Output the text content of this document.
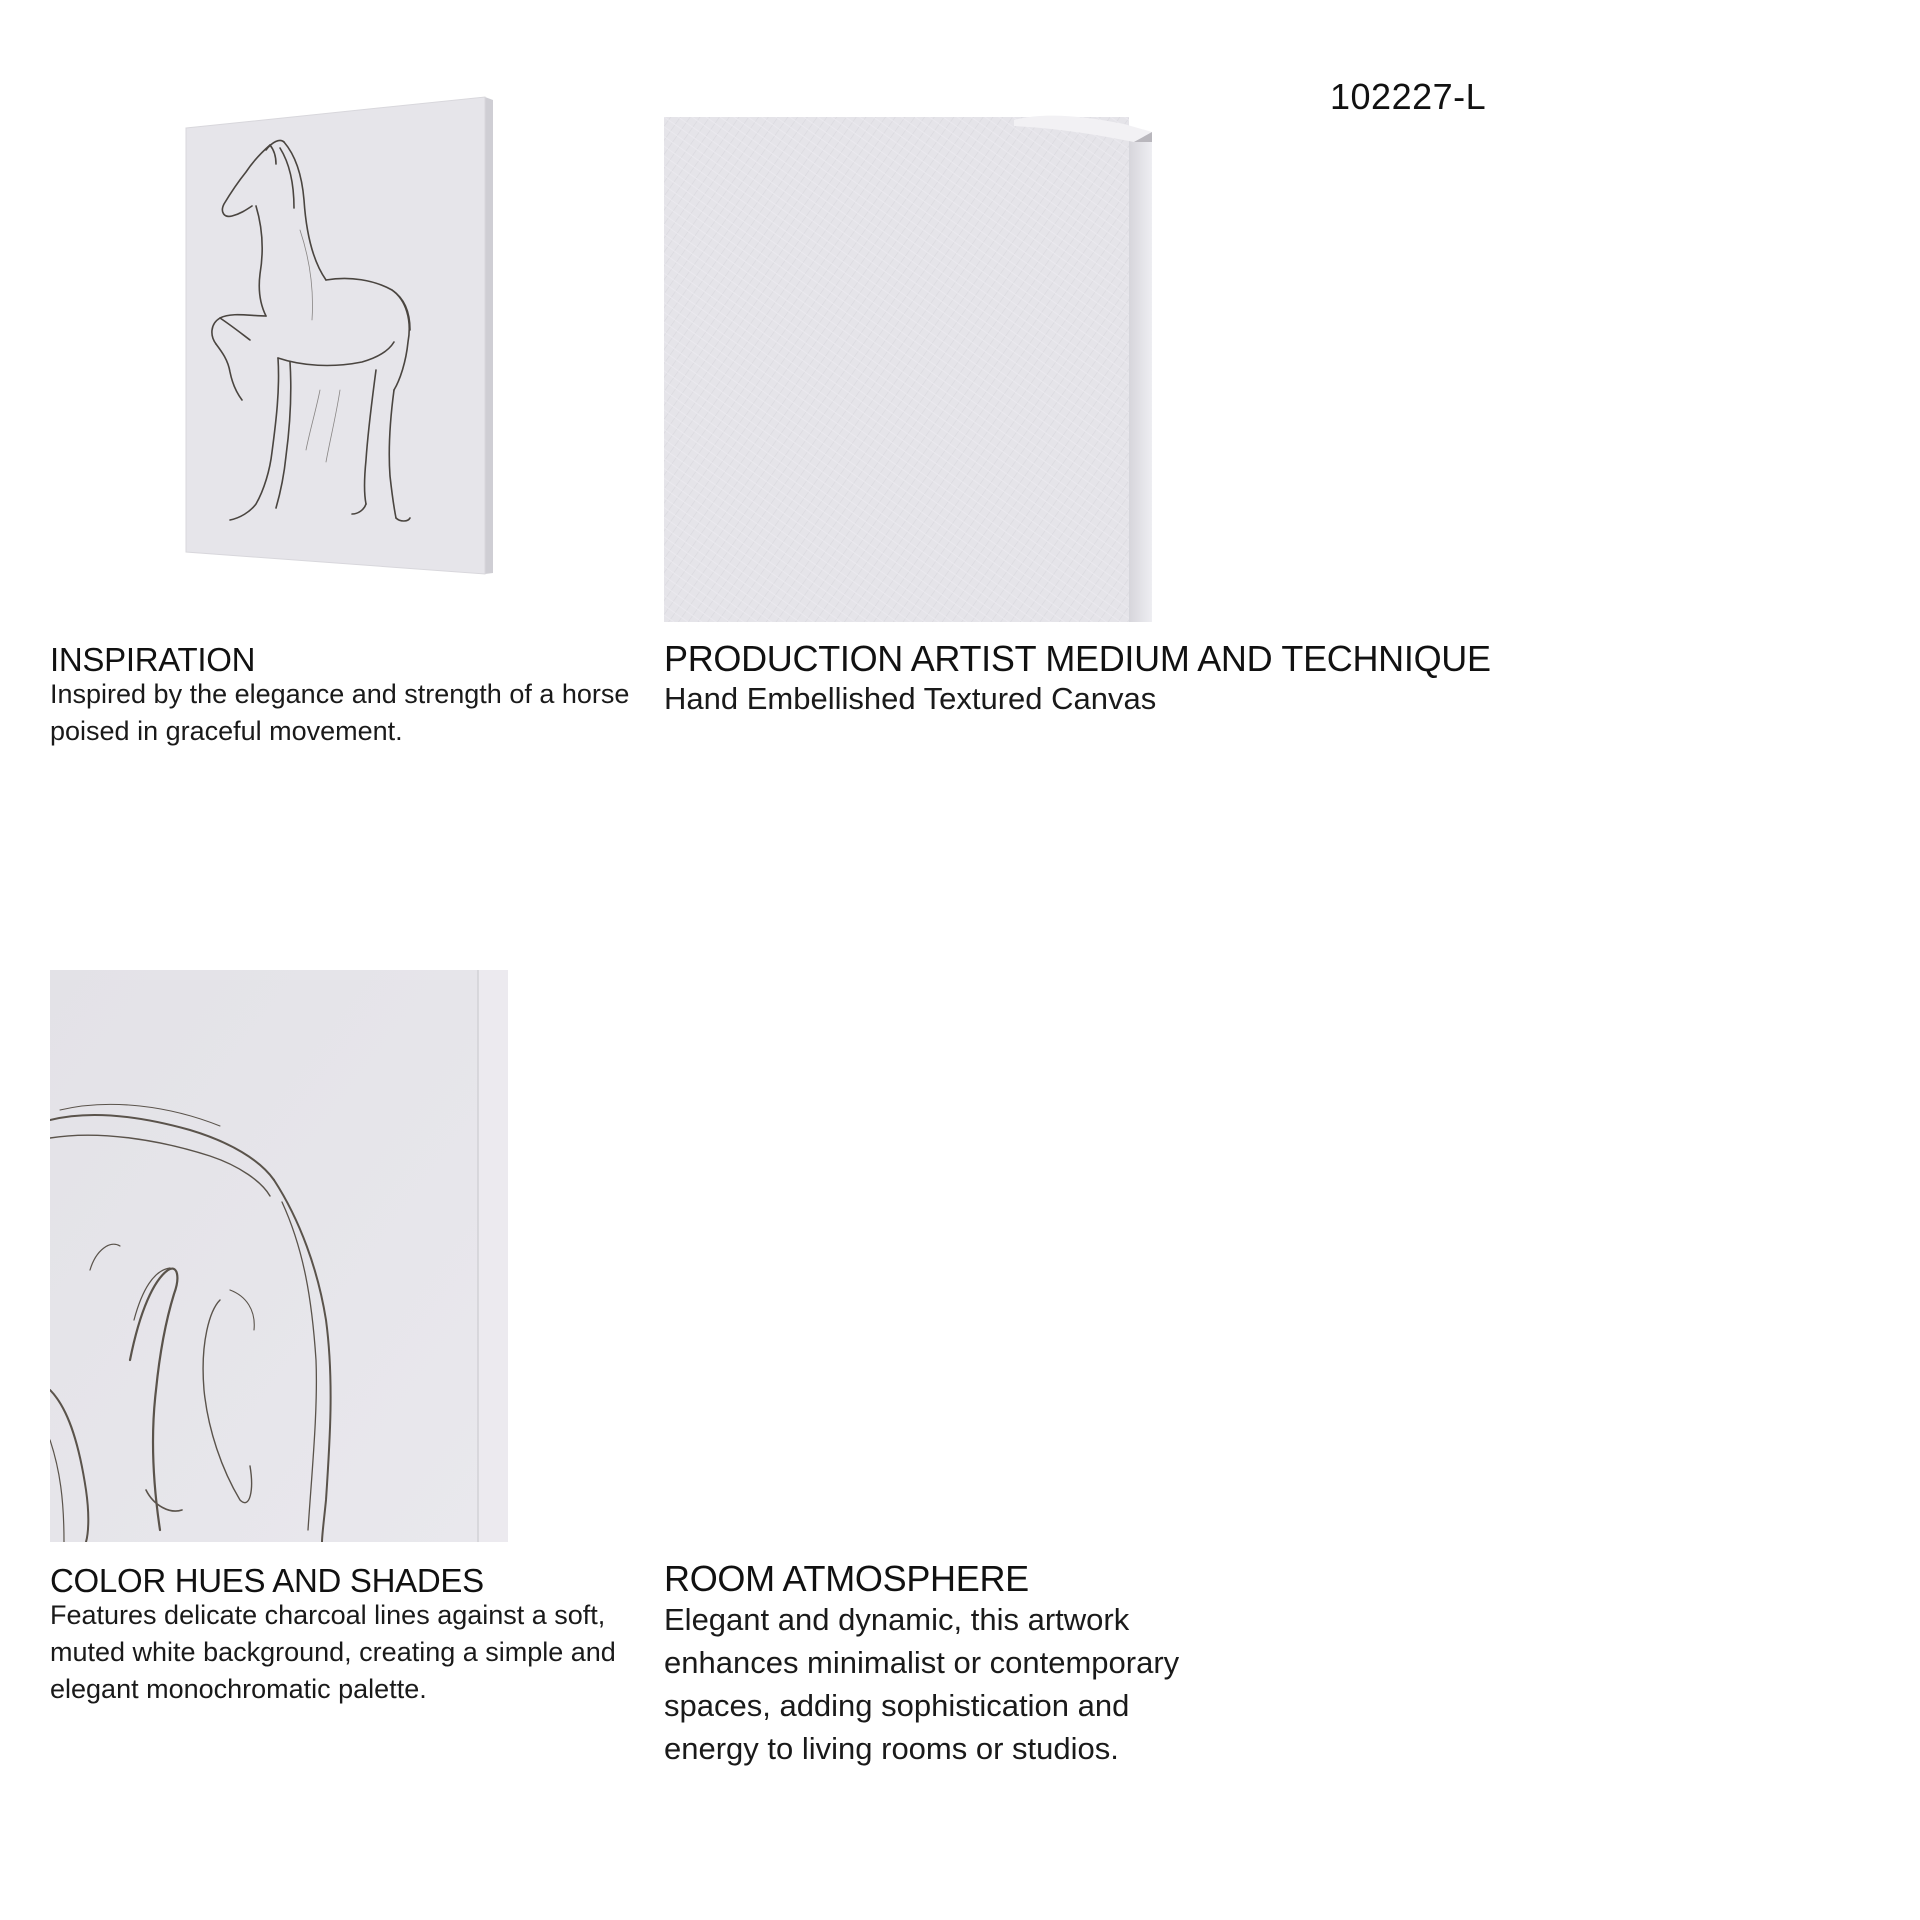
102227-L
INSPIRATION

Inspired by the elegance and strength of a horse poised in graceful movement.

PRODUCTION ARTIST MEDIUM AND TECHNIQUE

Hand Embellished Textured Canvas

COLOR HUES AND SHADES

Features delicate charcoal lines against a soft, muted white background, creating a simple and elegant monochromatic palette.

ROOM ATMOSPHERE

Elegant and dynamic, this artwork enhances minimalist or contemporary spaces, adding sophistication and energy to living rooms or studios.
